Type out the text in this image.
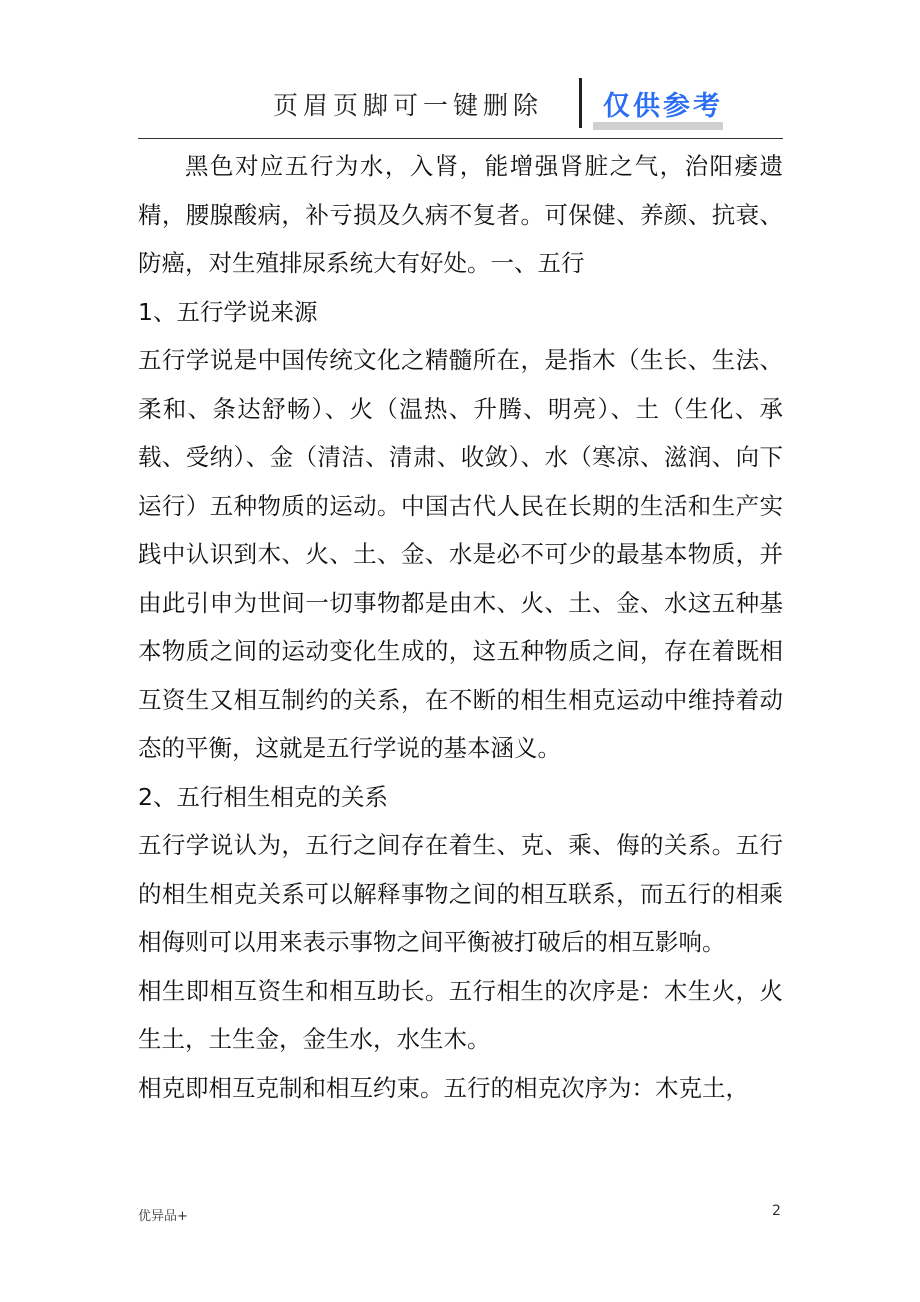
页眉页脚可一键删除 仅供参考

黑色对应五行为水，入肾，能增强肾脏之气，治阳痿遗精，腰腺酸病，补亏损及久病不复者。可保健、养颜、抗衰、防癌，对生殖排尿系统大有好处。一、五行

1、五行学说来源

五行学说是中国传统文化之精髓所在，是指木（生长、生法、柔和、条达舒畅）、火（温热、升腾、明亮）、土（生化、承载、受纳）、金（清洁、清肃、收敛）、水（寒凉、滋润、向下运行）五种物质的运动。中国古代人民在长期的生活和生产实践中认识到木、火、土、金、水是必不可少的最基本物质，并由此引申为世间一切事物都是由木、火、土、金、水这五种基本物质之间的运动变化生成的，这五种物质之间，存在着既相互资生又相互制约的关系，在不断的相生相克运动中维持着动态的平衡，这就是五行学说的基本涵义。

2、五行相生相克的关系

五行学说认为，五行之间存在着生、克、乘、侮的关系。五行的相生相克关系可以解释事物之间的相互联系，而五行的相乘相侮则可以用来表示事物之间平衡被打破后的相互影响。

相生即相互资生和相互助长。五行相生的次序是：木生火，火生土，土生金，金生水，水生木。

相克即相互克制和相互约束。五行的相克次序为：木克土，

优异品+	2
